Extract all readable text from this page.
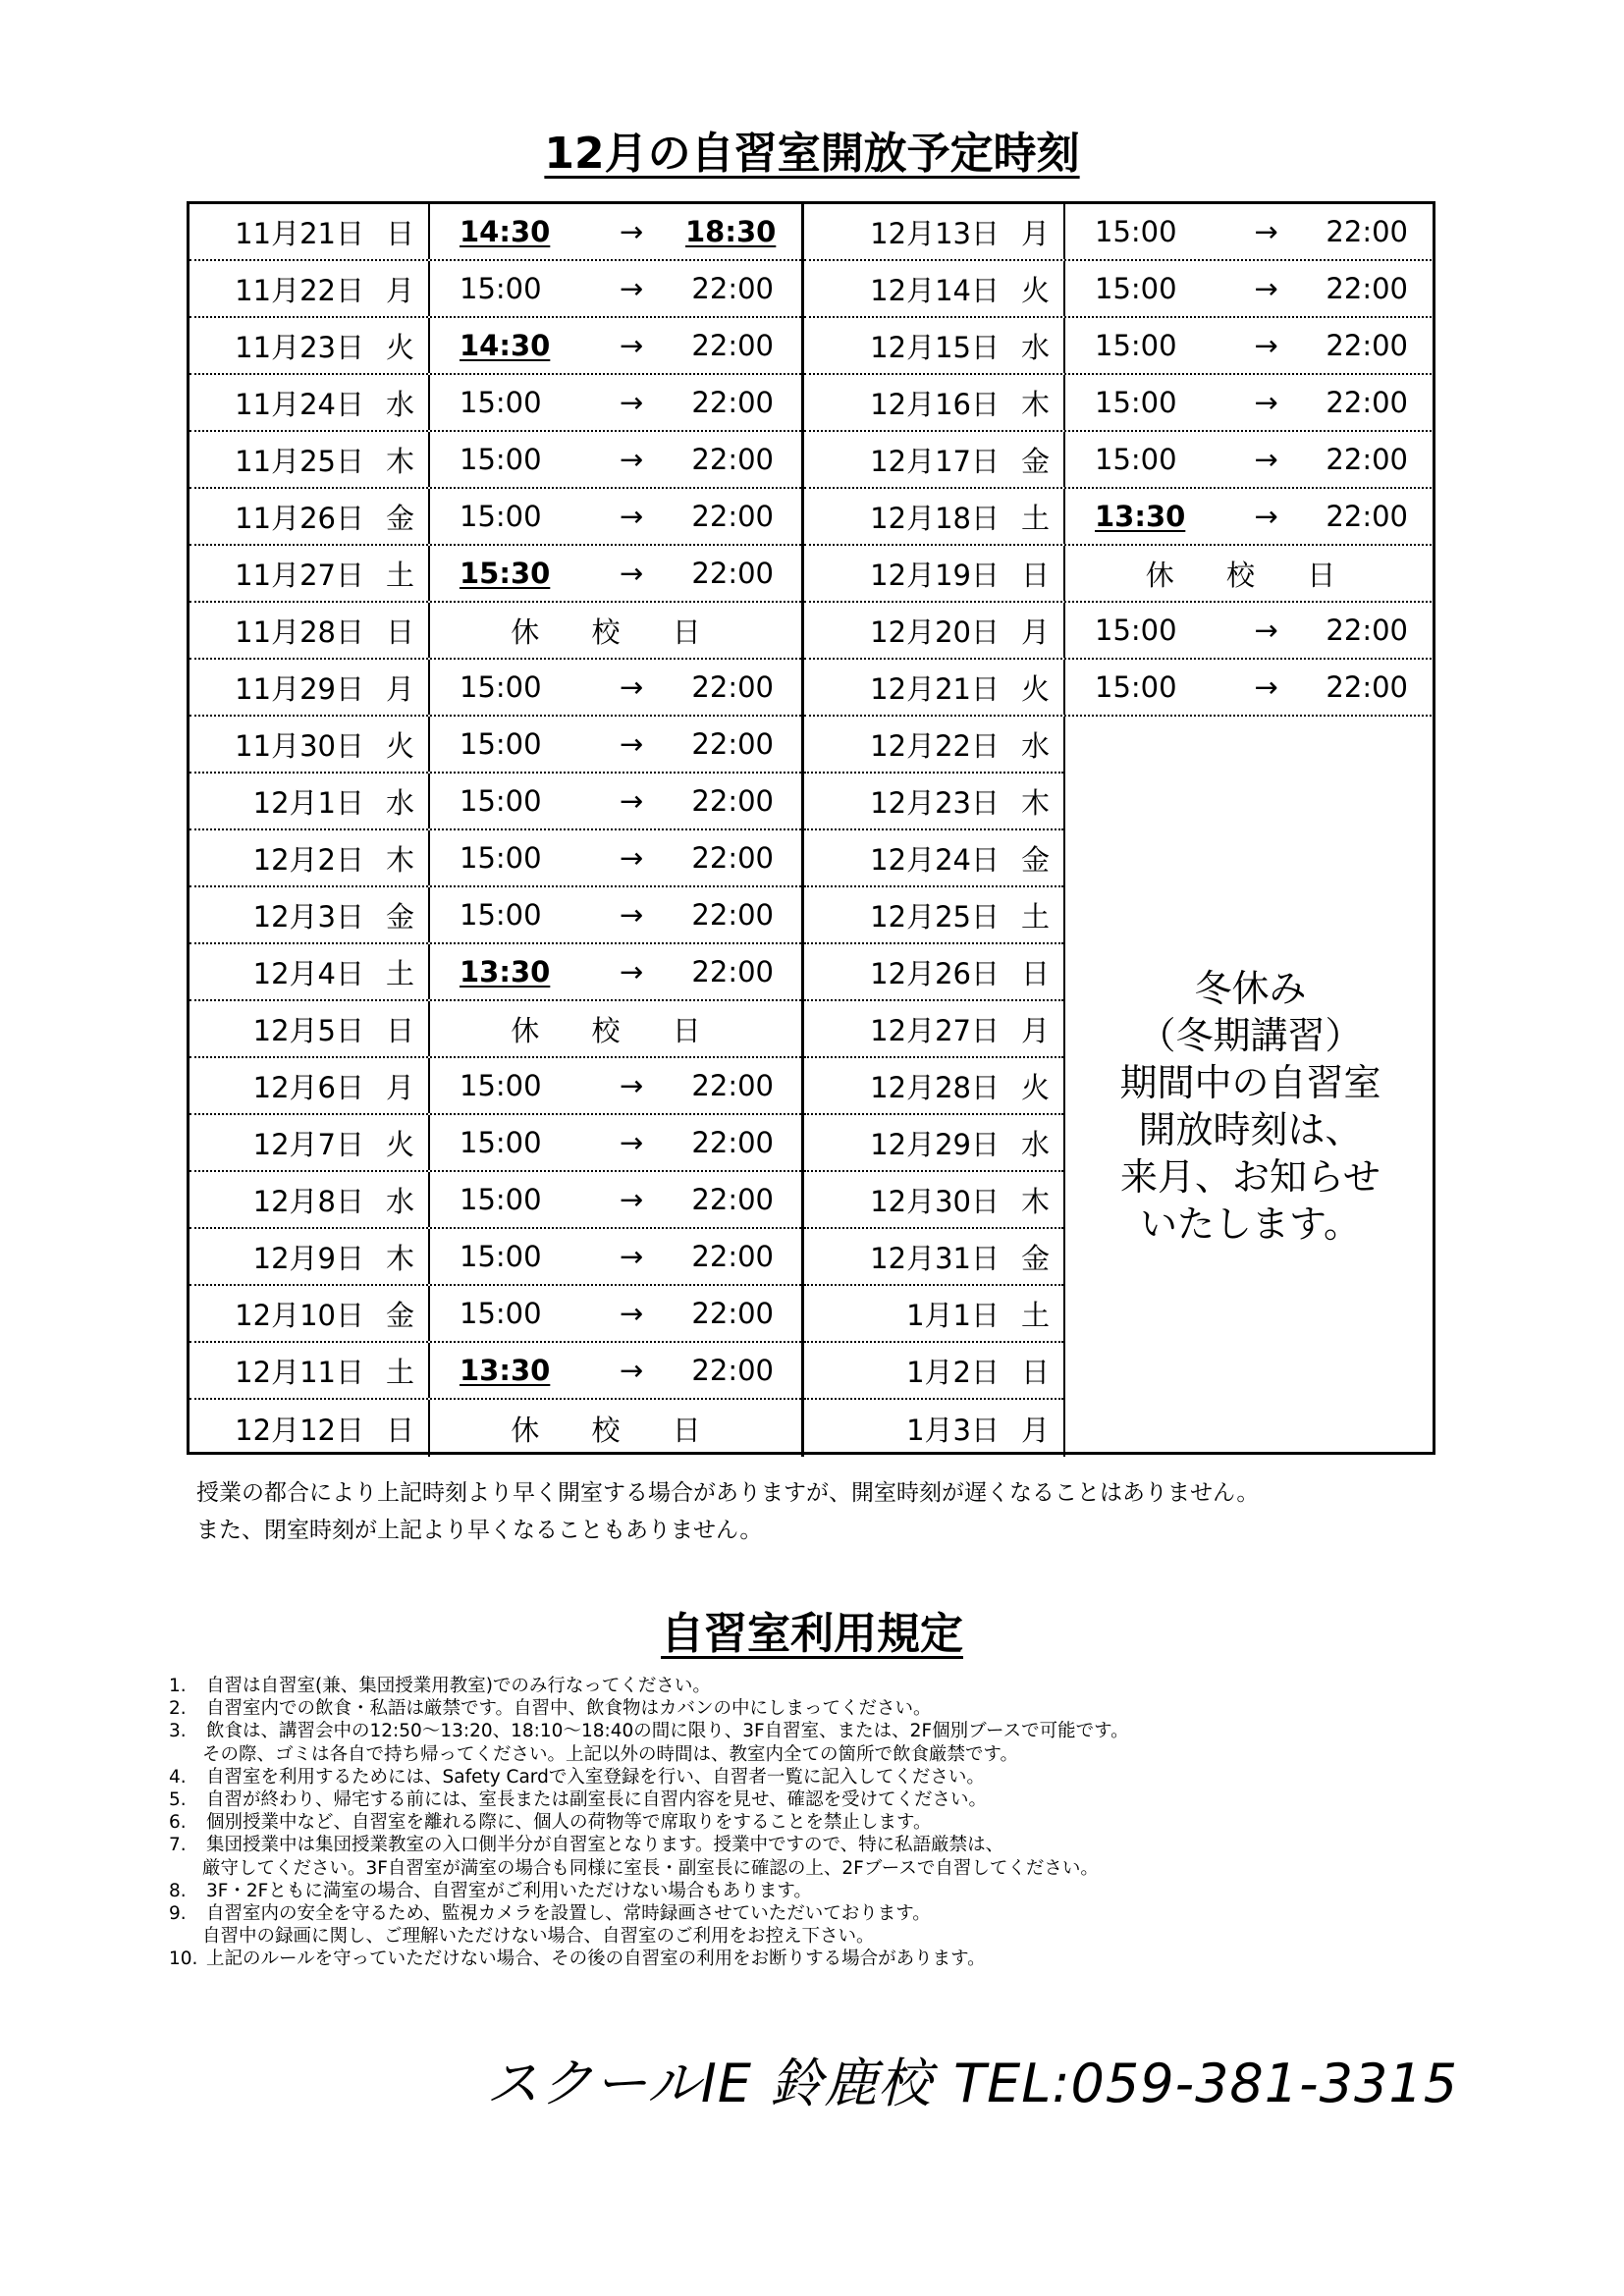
12月の自習室開放予定時刻
11月21日 日 14:30	→	18:30
11月22日 月 15:00	→	22:00
11月23日 火 14:30	→	22:00
11月24日 水 15:00	→	22:00
11月25日 木 15:00	→	22:00
11月26日 金 15:00	→	22:00
11月27日 土 15:30	→	22:00
11月28日 日	休 校 日
11月29日 月 15:00	→	22:00
11月30日 火 15:00	→	22:00
12月1日 水 15:00	→	22:00
12月2日 木 15:00	→	22:00
12月3日 金 15:00	→	22:00
12月4日 土 13:30	→	22:00
12月5日 日	休 校 日
12月6日 月 15:00	→	22:00
12月7日 火 15:00	→	22:00
12月8日 水 15:00	→	22:00
12月9日 木 15:00	→	22:00
12月10日 金 15:00	→	22:00
12月11日 土 13:30	→	22:00
12月12日 日	休 校 日
12月13日 月 15:00	→	22:00
12月14日 火 15:00	→	22:00
12月15日 水 15:00	→	22:00
12月16日 木 15:00	→	22:00
12月17日 金 15:00	→	22:00
12月18日 土 13:30	→	22:00
12月19日 日	休 校 日
12月20日 月 15:00	→	22:00
12月21日 火 15:00	→	22:00
12月22日 水
12月23日 木
12月24日 金
12月25日 土
12月26日 日
12月27日 月
12月28日 火
12月29日 水
12月30日 木
12月31日 金
1月1日 土
1月2日 日
1月3日 月
冬休み
（冬期講習）
期間中の自習室
開放時刻は、
来月、お知らせ
いたします。
授業の都合により上記時刻より早く開室する場合がありますが、開室時刻が遅くなることはありません。
また、閉室時刻が上記より早くなることもありません。
自習室利用規定
1.	自習は自習室(兼、集団授業用教室)でのみ行なってください。
2.	自習室内での飲食・私語は厳禁です。自習中、飲食物はカバンの中にしまってください。
3.	飲食は、講習会中の12:50～13:20、18:10～18:40の間に限り、3F自習室、または、2F個別ブースで可能です。
その際、ゴミは各自で持ち帰ってください。上記以外の時間は、教室内全ての箇所で飲食厳禁です。
4.	自習室を利用するためには、Safety Cardで入室登録を行い、自習者一覧に記入してください。
5.	自習が終わり、帰宅する前には、室長または副室長に自習内容を見せ、確認を受けてください。
6.	個別授業中など、自習室を離れる際に、個人の荷物等で席取りをすることを禁止します。
7.	集団授業中は集団授業教室の入口側半分が自習室となります。授業中ですので、特に私語厳禁は、
厳守してください。3F自習室が満室の場合も同様に室長・副室長に確認の上、2Fブースで自習してください。
8.	3F・2Fともに満室の場合、自習室がご利用いただけない場合もあります。
9.	自習室内の安全を守るため、監視カメラを設置し、常時録画させていただいております。
自習中の録画に関し、ご理解いただけない場合、自習室のご利用をお控え下さい。
10. 上記のルールを守っていただけない場合、その後の自習室の利用をお断りする場合があります。
スクールIE 鈴鹿校 TEL:059-381-3315
